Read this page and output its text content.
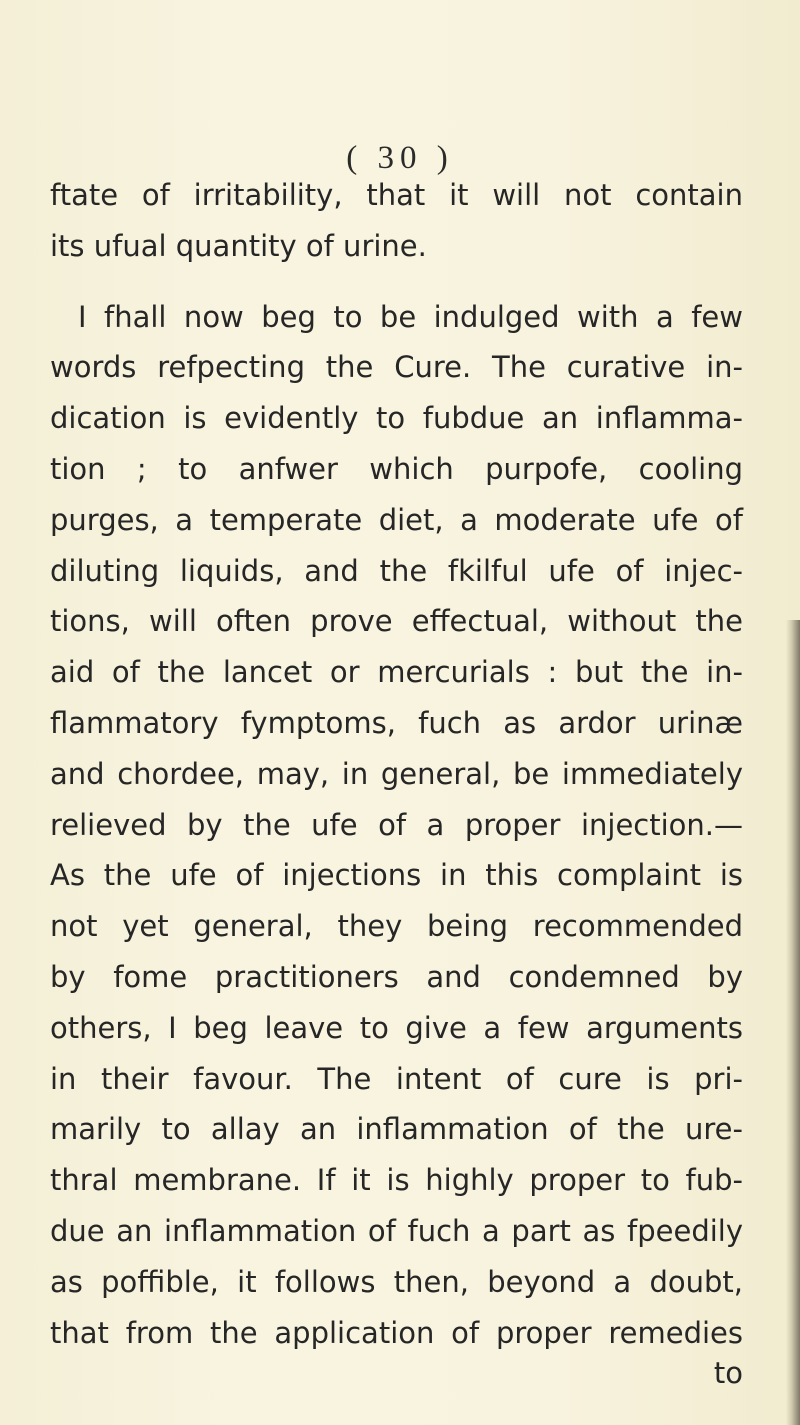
( 30 )
ftate of irritability, that it will not contain
its ufual quantity of urine.
I fhall now beg to be indulged with a few
words refpecting the Cure. The curative in-
dication is evidently to fubdue an inflamma-
tion ; to anfwer which purpofe, cooling
purges, a temperate diet, a moderate ufe of
diluting liquids, and the fkilful ufe of injec-
tions, will often prove effectual, without the
aid of the lancet or mercurials : but the in-
flammatory fymptoms, fuch as ardor urinæ
and chordee, may, in general, be immediately
relieved by the ufe of a proper injection.—
As the ufe of injections in this complaint is
not yet general, they being recommended
by fome practitioners and condemned by
others, I beg leave to give a few arguments
in their favour. The intent of cure is pri-
marily to allay an inflammation of the ure-
thral membrane. If it is highly proper to fub-
due an inflammation of fuch a part as fpeedily
as poffible, it follows then, beyond a doubt,
that from the application of proper remedies
to
